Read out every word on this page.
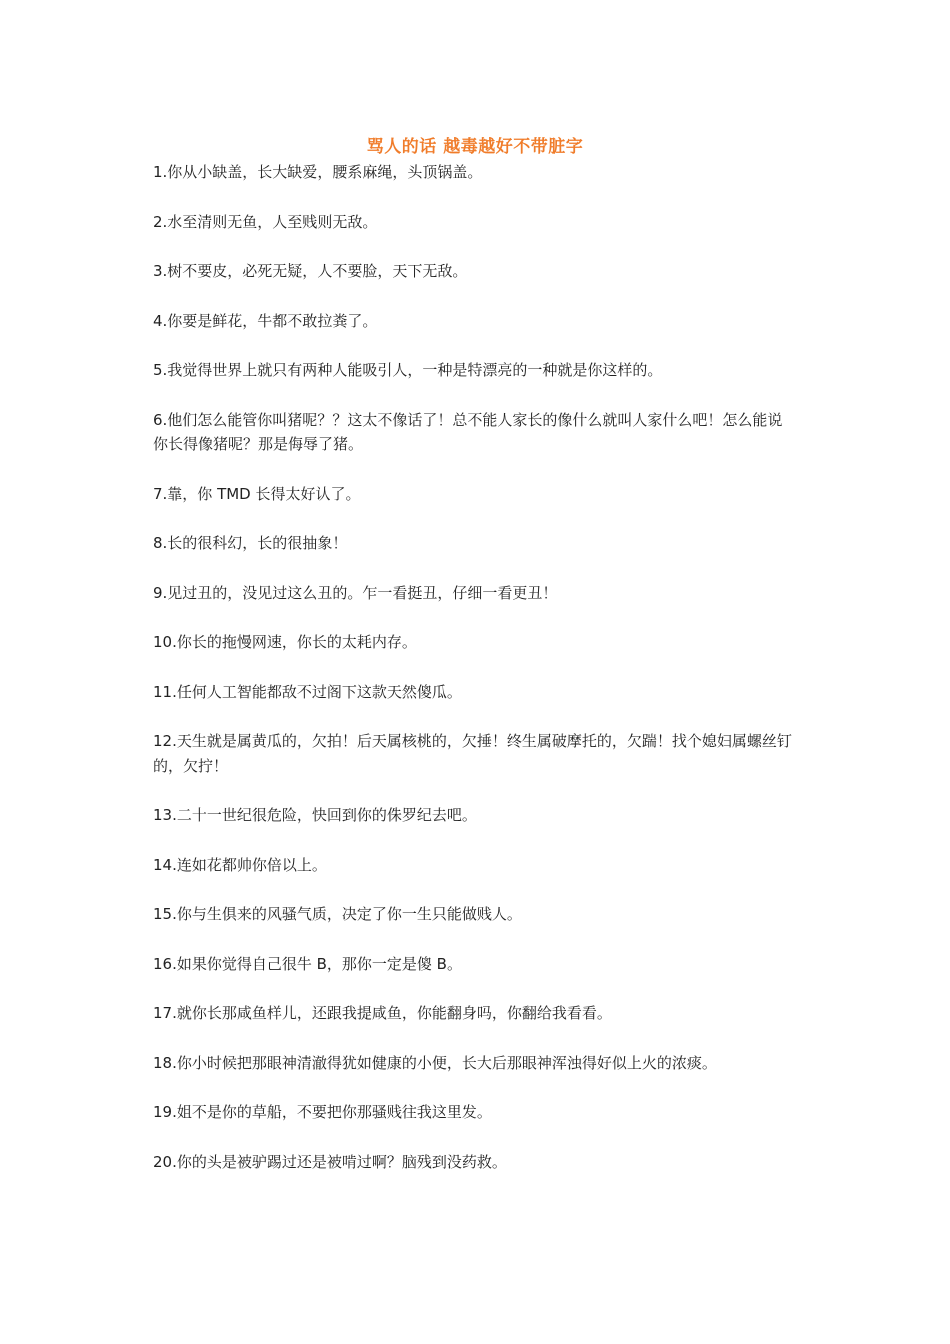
骂人的话 越毒越好不带脏字
1.你从小缺盖，长大缺爱，腰系麻绳，头顶锅盖。
2.水至清则无鱼，人至贱则无敌。
3.树不要皮，必死无疑，人不要脸，天下无敌。
4.你要是鲜花，牛都不敢拉粪了。
5.我觉得世界上就只有两种人能吸引人，一种是特漂亮的一种就是你这样的。
6.他们怎么能管你叫猪呢？？这太不像话了！总不能人家长的像什么就叫人家什么吧！怎么能说你长得像猪呢？那是侮辱了猪。
7.靠，你 TMD 长得太好认了。
8.长的很科幻，长的很抽象！
9.见过丑的，没见过这么丑的。乍一看挺丑，仔细一看更丑！
10.你长的拖慢网速，你长的太耗内存。
11.任何人工智能都敌不过阁下这款天然傻瓜。
12.天生就是属黄瓜的，欠拍！后天属核桃的，欠捶！终生属破摩托的，欠踹！找个媳妇属螺丝钉的，欠拧！
13.二十一世纪很危险，快回到你的侏罗纪去吧。
14.连如花都帅你倍以上。
15.你与生俱来的风骚气质，决定了你一生只能做贱人。
16.如果你觉得自己很牛 B，那你一定是傻 B。
17.就你长那咸鱼样儿，还跟我提咸鱼，你能翻身吗，你翻给我看看。
18.你小时候把那眼神清澈得犹如健康的小便，长大后那眼神浑浊得好似上火的浓痰。
19.姐不是你的草船，不要把你那骚贱往我这里发。
20.你的头是被驴踢过还是被啃过啊？脑残到没药救。
